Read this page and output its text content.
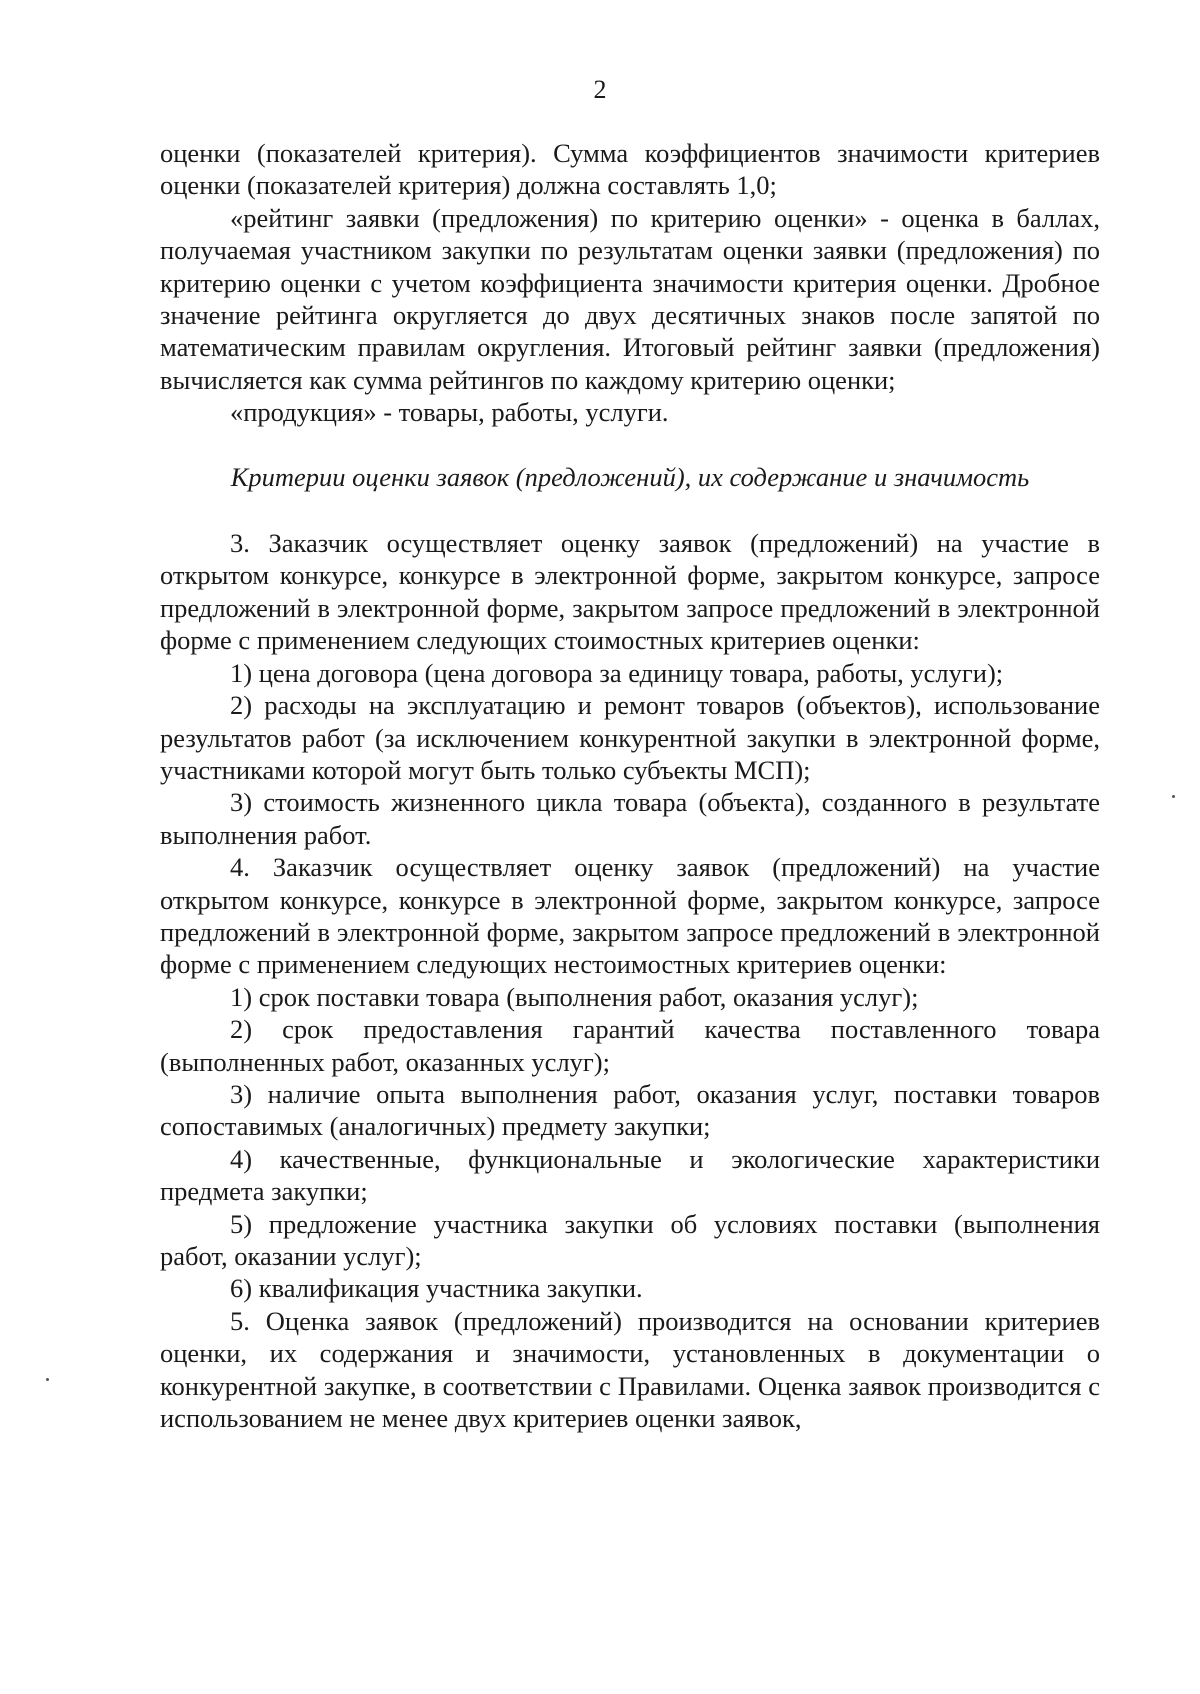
2

оценки (показателей критерия). Сумма коэффициентов значимости критериев оценки (показателей критерия) должна составлять 1,0;

«рейтинг заявки (предложения) по критерию оценки» - оценка в баллах, получаемая участником закупки по результатам оценки заявки (предложения) по критерию оценки с учетом коэффициента значимости критерия оценки. Дробное значение рейтинга округляется до двух десятичных знаков после запятой по математическим правилам округления. Итоговый рейтинг заявки (предложения) вычисляется как сумма рейтингов по каждому критерию оценки;

«продукция» - товары, работы, услуги.

Критерии оценки заявок (предложений), их содержание и значимость

3. Заказчик осуществляет оценку заявок (предложений) на участие в открытом конкурсе, конкурсе в электронной форме, закрытом конкурсе, запросе предложений в электронной форме, закрытом запросе предложений в электронной форме с применением следующих стоимостных критериев оценки:

1) цена договора (цена договора за единицу товара, работы, услуги);

2) расходы на эксплуатацию и ремонт товаров (объектов), использование результатов работ (за исключением конкурентной закупки в электронной форме, участниками которой могут быть только субъекты МСП);

3) стоимость жизненного цикла товара (объекта), созданного в результате выполнения работ.

4. Заказчик осуществляет оценку заявок (предложений) на участие открытом конкурсе, конкурсе в электронной форме, закрытом конкурсе, запросе предложений в электронной форме, закрытом запросе предложений в электронной форме с применением следующих нестоимостных критериев оценки:

1) срок поставки товара (выполнения работ, оказания услуг);

2) срок предоставления гарантий качества поставленного товара (выполненных работ, оказанных услуг);

3) наличие опыта выполнения работ, оказания услуг, поставки товаров сопоставимых (аналогичных) предмету закупки;

4) качественные, функциональные и экологические характеристики предмета закупки;

5) предложение участника закупки об условиях поставки (выполнения работ, оказании услуг);

6) квалификация участника закупки.

5. Оценка заявок (предложений) производится на основании критериев оценки, их содержания и значимости, установленных в документации о конкурентной закупке, в соответствии с Правилами. Оценка заявок производится с использованием не менее двух критериев оценки заявок,
